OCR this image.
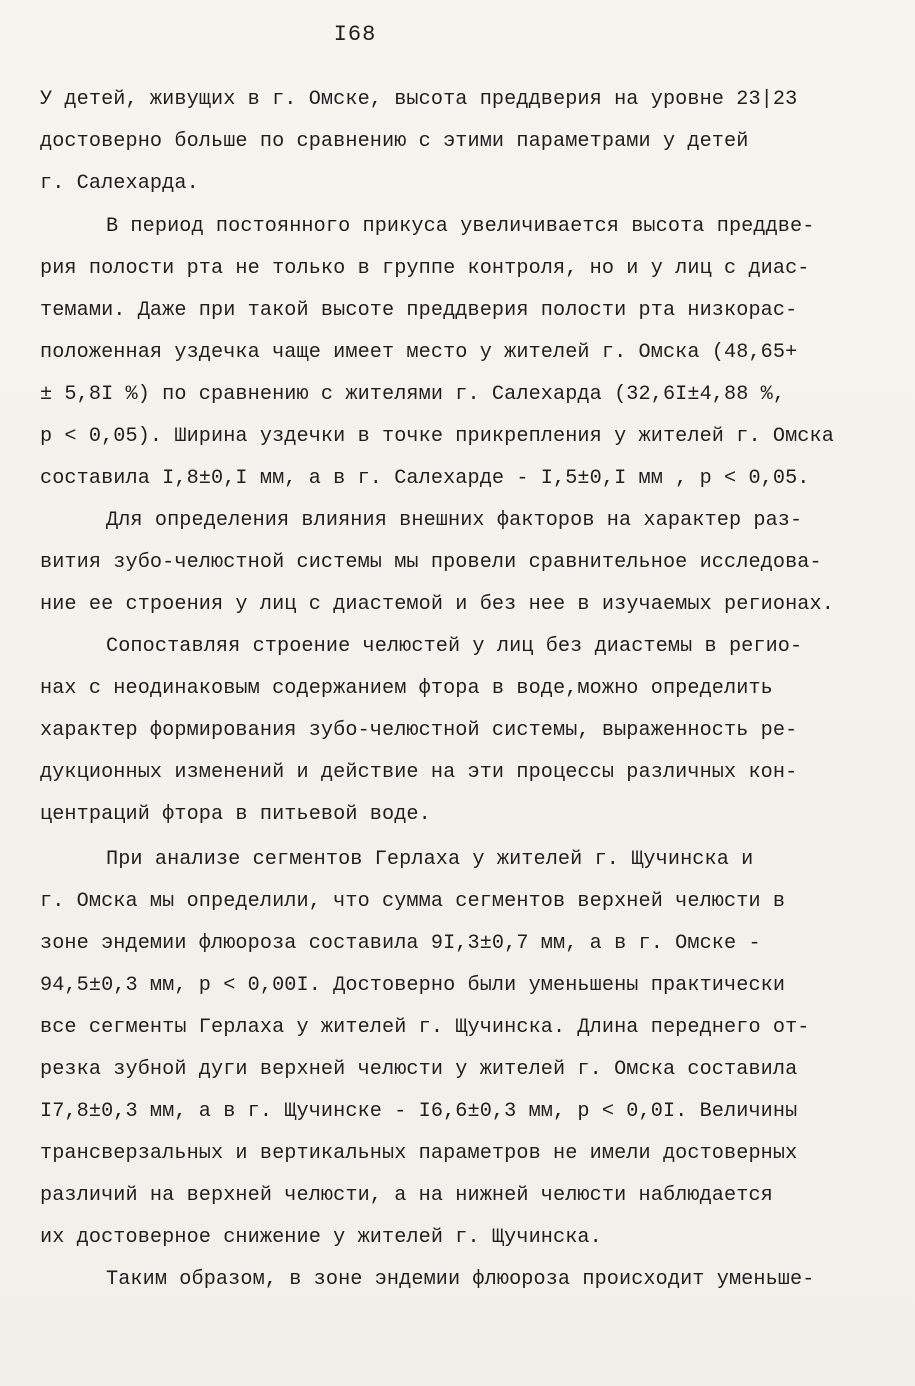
I68
У детей, живущих в г. Омске, высота преддверия на уровне 23|23
достоверно больше по сравнению с этими параметрами у детей
г. Салехарда.
В период постоянного прикуса увеличивается высота преддве-
рия полости рта не только в группе контроля, но и у лиц с диас-
темами. Даже при такой высоте преддверия полости рта низкорас-
положенная уздечка чаще имеет место у жителей г. Омска (48,65+
± 5,8I %) по сравнению с жителями г. Салехарда (32,6I±4,88 %,
р < 0,05). Ширина уздечки в точке прикрепления у жителей г. Омска
составила I,8±0,I мм, а в г. Салехарде - I,5±0,I мм , р < 0,05.
Для определения влияния внешних факторов на характер раз-
вития зубо-челюстной системы мы провели сравнительное исследова-
ние ее строения у лиц с диастемой и без нее в изучаемых регионах.
Сопоставляя строение челюстей у лиц без диастемы в регио-
нах с неодинаковым содержанием фтора в воде,можно определить
характер формирования зубо-челюстной системы, выраженность ре-
дукционных изменений и действие на эти процессы различных кон-
центраций фтора в питьевой воде.
При анализе сегментов Герлаха у жителей г. Щучинска и
г. Омска мы определили, что сумма сегментов верхней челюсти в
зоне эндемии флюороза составила 9I,3±0,7 мм, а в г. Омске -
94,5±0,3 мм, р < 0,00I. Достоверно были уменьшены практически
все сегменты Герлаха у жителей г. Щучинска. Длина переднего от-
резка зубной дуги верхней челюсти у жителей г. Омска составила
I7,8±0,3 мм, а в г. Щучинске - I6,6±0,3 мм, р < 0,0I. Величины
трансверзальных и вертикальных параметров не имели достоверных
различий на верхней челюсти, а на нижней челюсти наблюдается
их достоверное снижение у жителей г. Щучинска.
Таким образом, в зоне эндемии флюороза происходит уменьше-
